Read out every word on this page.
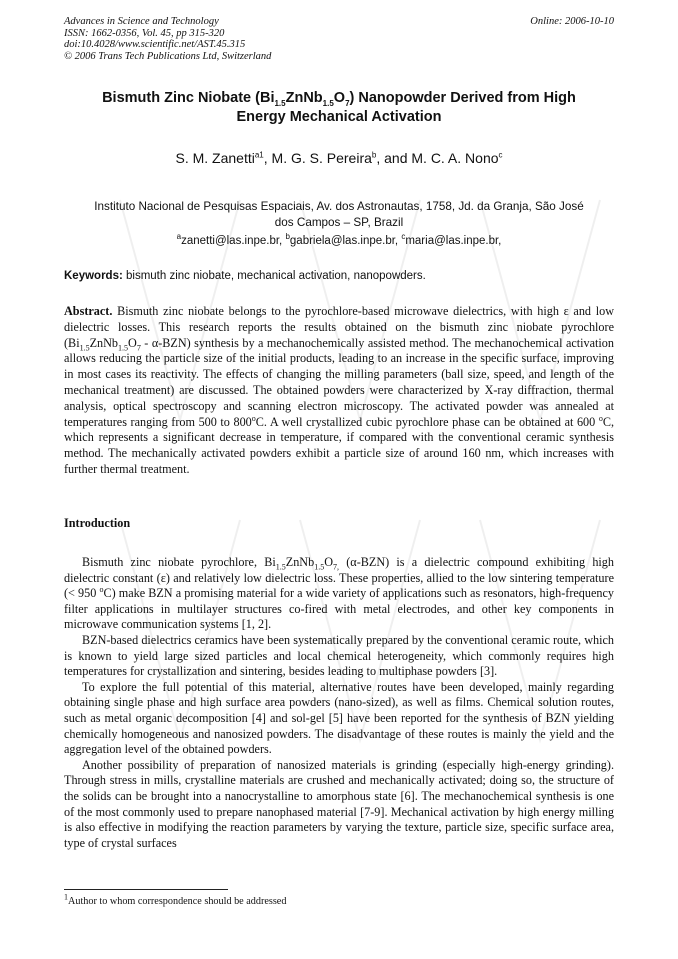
Advances in Science and Technology
ISSN: 1662-0356, Vol. 45, pp 315-320
doi:10.4028/www.scientific.net/AST.45.315
© 2006 Trans Tech Publications Ltd, Switzerland
Online: 2006-10-10
Bismuth Zinc Niobate $(Bi_{1.5}ZnNb_{1.5}O_7)$ Nanopowder Derived from High
Energy Mechanical Activation
S. M. Zanetti$^{a1}$, M. G. S. Pereira$^b$, and M. C. A. Nono$^c$
Instituto Nacional de Pesquisas Espaciais, Av. dos Astronautas, 1758, Jd. da Granja, São José
dos Campos – SP, Brazil
$^a$zanetti@las.inpe.br, $^b$gabriela@las.inpe.br, $^c$maria@las.inpe.br,
Keywords: bismuth zinc niobate, mechanical activation, nanopowders.
Abstract. Bismuth zinc niobate belongs to the pyrochlore-based microwave dielectrics, with high ε and low dielectric losses. This research reports the results obtained on the bismuth zinc niobate pyrochlore $(Bi_{1.5}ZnNb_{1.5}O_7 - \alpha-BZN)$ synthesis by a mechanochemically assisted method. The mechanochemical activation allows reducing the particle size of the initial products, leading to an increase in the specific surface, improving in most cases its reactivity. The effects of changing the milling parameters (ball size, speed, and length of the mechanical treatment) are discussed. The obtained powders were characterized by X-ray diffraction, thermal analysis, optical spectroscopy and scanning electron microscopy. The activated powder was annealed at temperatures ranging from 500 to 800$^o$C. A well crystallized cubic pyrochlore phase can be obtained at 600 $^o$C, which represents a significant decrease in temperature, if compared with the conventional ceramic synthesis method. The mechanically activated powders exhibit a particle size of around 160 nm, which increases with further thermal treatment.
Introduction

Bismuth zinc niobate pyrochlore, $Bi_{1.5}ZnNb_{1.5}O_{7,}$ (α-BZN) is a dielectric compound exhibiting high dielectric constant (ε) and relatively low dielectric loss. These properties, allied to the low sintering temperature (< 950 $^o$C) make BZN a promising material for a wide variety of applications such as resonators, high-frequency filter applications in multilayer structures co-fired with metal electrodes, and other key components in microwave communication systems [1, 2].

BZN-based dielectrics ceramics have been systematically prepared by the conventional ceramic route, which is known to yield large sized particles and local chemical heterogeneity, which commonly requires high temperatures for crystallization and sintering, besides leading to multiphase powders [3].

To explore the full potential of this material, alternative routes have been developed, mainly regarding obtaining single phase and high surface area powders (nano-sized), as well as films. Chemical solution routes, such as metal organic decomposition [4] and sol-gel [5] have been reported for the synthesis of BZN yielding chemically homogeneous and nanosized powders. The disadvantage of these routes is mainly the yield and the aggregation level of the obtained powders.

Another possibility of preparation of nanosized materials is grinding (especially high-energy grinding). Through stress in mills, crystalline materials are crushed and mechanically activated; doing so, the structure of the solids can be brought into a nanocrystalline to amorphous state [6]. The mechanochemical synthesis is one of the most commonly used to prepare nanophased material [7-9]. Mechanical activation by high energy milling is also effective in modifying the reaction parameters by varying the texture, particle size, specific surface area, type of crystal surfaces

$^1$Author to whom correspondence should be addressed
